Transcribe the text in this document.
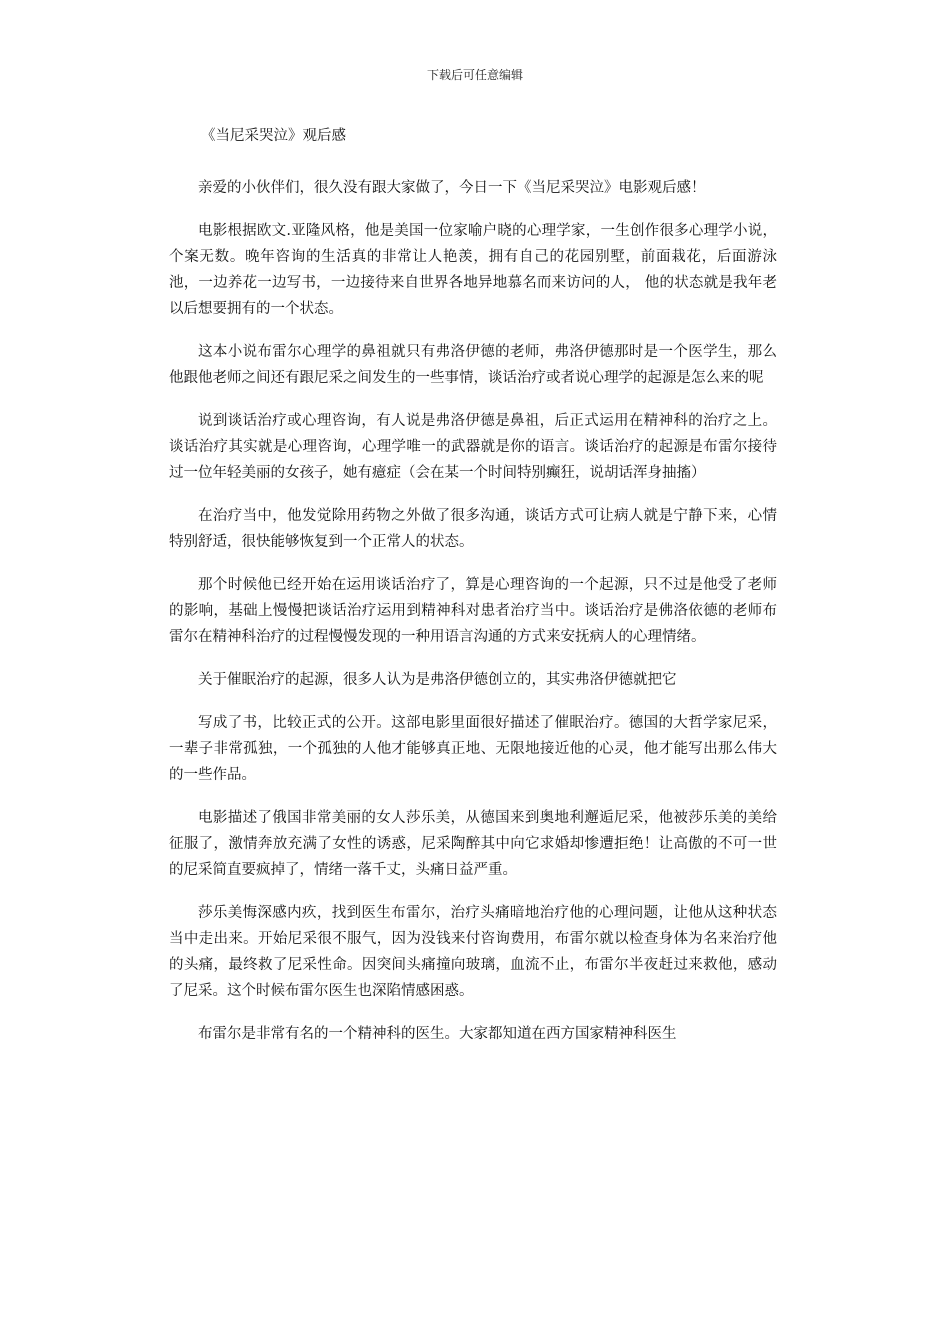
下载后可任意编辑
《当尼采哭泣》观后感

亲爱的小伙伴们，很久没有跟大家做了，今日一下《当尼采哭泣》电影观后感！

电影根据欧文.亚隆风格，他是美国一位家喻户晓的心理学家，一生创作很多心理学小说，个案无数。晚年咨询的生活真的非常让人艳羡，拥有自己的花园别墅，前面栽花，后面游泳池，一边养花一边写书，一边接待来自世界各地异地慕名而来访问的人， 他的状态就是我年老以后想要拥有的一个状态。

这本小说布雷尔心理学的鼻祖就只有弗洛伊德的老师，弗洛伊德那时是一个医学生，那么他跟他老师之间还有跟尼采之间发生的一些事情，谈话治疗或者说心理学的起源是怎么来的呢

说到谈话治疗或心理咨询，有人说是弗洛伊德是鼻祖，后正式运用在精神科的治疗之上。谈话治疗其实就是心理咨询，心理学唯一的武器就是你的语言。谈话治疗的起源是布雷尔接待过一位年轻美丽的女孩子，她有癔症（会在某一个时间特别癫狂，说胡话浑身抽搐）

在治疗当中，他发觉除用药物之外做了很多沟通，谈话方式可让病人就是宁静下来，心情特别舒适，很快能够恢复到一个正常人的状态。

那个时候他已经开始在运用谈话治疗了，算是心理咨询的一个起源，只不过是他受了老师的影响，基础上慢慢把谈话治疗运用到精神科对患者治疗当中。谈话治疗是佛洛依德的老师布雷尔在精神科治疗的过程慢慢发现的一种用语言沟通的方式来安抚病人的心理情绪。

关于催眠治疗的起源，很多人认为是弗洛伊德创立的，其实弗洛伊德就把它

写成了书，比较正式的公开。这部电影里面很好描述了催眠治疗。德国的大哲学家尼采，一辈子非常孤独，一个孤独的人他才能够真正地、无限地接近他的心灵，他才能写出那么伟大的一些作品。

电影描述了俄国非常美丽的女人莎乐美，从德国来到奥地利邂逅尼采，他被莎乐美的美给征服了，激情奔放充满了女性的诱惑，尼采陶醉其中向它求婚却惨遭拒绝！让高傲的不可一世的尼采简直要疯掉了，情绪一落千丈，头痛日益严重。

莎乐美悔深感内疚，找到医生布雷尔，治疗头痛暗地治疗他的心理问题，让他从这种状态当中走出来。开始尼采很不服气，因为没钱来付咨询费用，布雷尔就以检查身体为名来治疗他的头痛，最终救了尼采性命。因突间头痛撞向玻璃，血流不止，布雷尔半夜赶过来救他，感动了尼采。这个时候布雷尔医生也深陷情感困惑。

布雷尔是非常有名的一个精神科的医生。大家都知道在西方国家精神科医生
